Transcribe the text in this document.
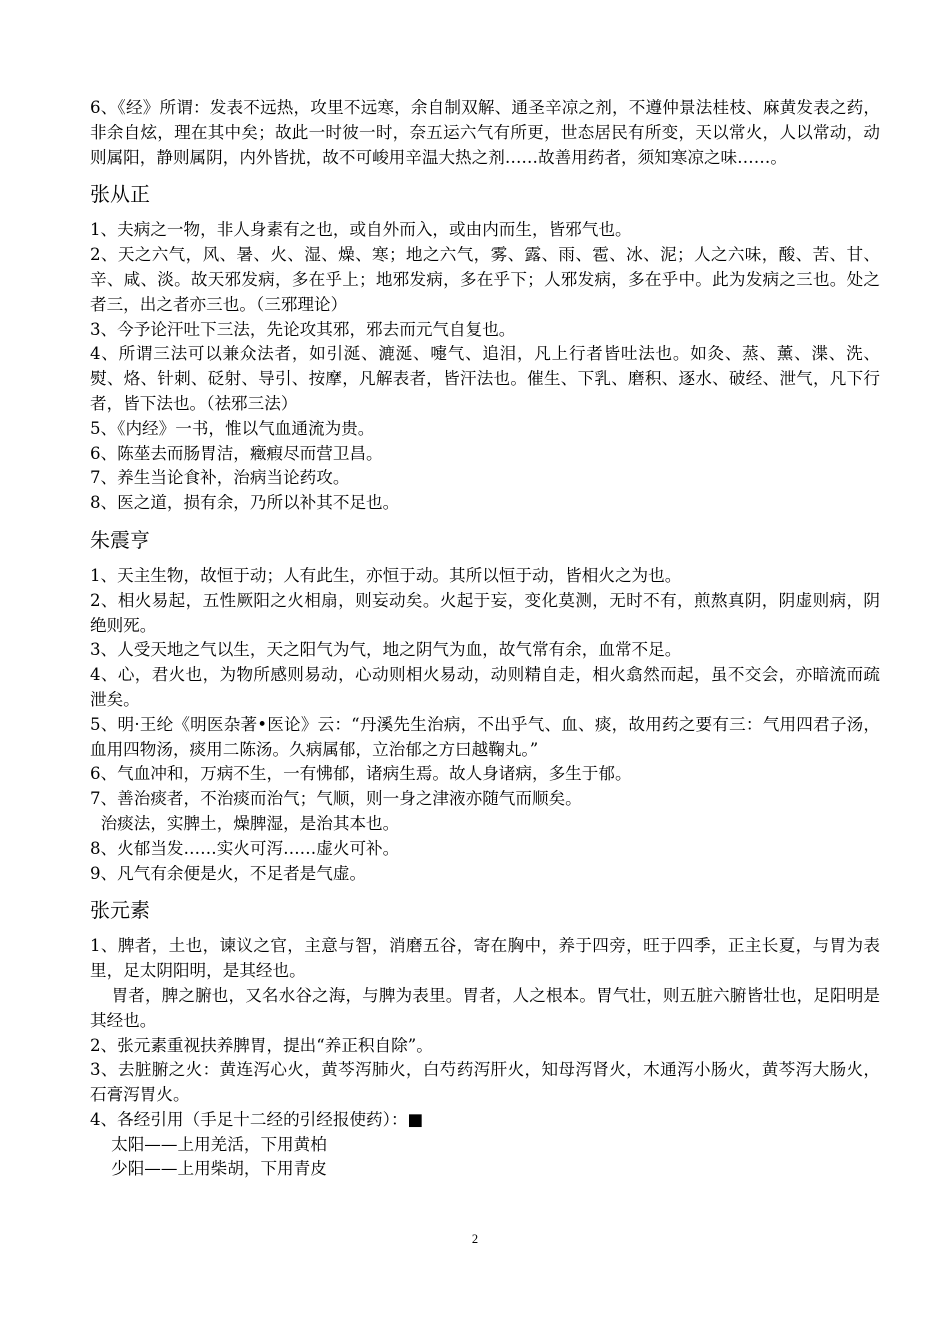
6、《经》所谓：发表不远热，攻里不远寒，余自制双解、通圣辛凉之剂，不遵仲景法桂枝、麻黄发表之药，非余自炫，理在其中矣；故此一时彼一时，奈五运六气有所更，世态居民有所变，天以常火，人以常动，动则属阳，静则属阴，内外皆扰，故不可峻用辛温大热之剂……故善用药者，须知寒凉之味……。

张从正

1、夫病之一物，非人身素有之也，或自外而入，或由内而生，皆邪气也。

2、天之六气，风、暑、火、湿、燥、寒；地之六气，雾、露、雨、雹、冰、泥；人之六味，酸、苦、甘、辛、咸、淡。故天邪发病，多在乎上；地邪发病，多在乎下；人邪发病，多在乎中。此为发病之三也。处之者三，出之者亦三也。（三邪理论）

3、今予论汗吐下三法，先论攻其邪，邪去而元气自复也。

4、所谓三法可以兼众法者，如引涎、漉涎、嚏气、追泪，凡上行者皆吐法也。如灸、蒸、薰、渫、洗、熨、烙、针刺、砭射、导引、按摩，凡解表者，皆汗法也。催生、下乳、磨积、逐水、破经、泄气，凡下行者，皆下法也。（祛邪三法）

5、《内经》一书，惟以气血通流为贵。

6、陈莝去而肠胃洁，癥瘕尽而营卫昌。

7、养生当论食补，治病当论药攻。

8、医之道，损有余，乃所以补其不足也。

朱震亨

1、天主生物，故恒于动；人有此生，亦恒于动。其所以恒于动，皆相火之为也。

2、相火易起，五性厥阳之火相扇，则妄动矣。火起于妄，变化莫测，无时不有，煎熬真阴，阴虚则病，阴绝则死。

3、人受天地之气以生，天之阳气为气，地之阴气为血，故气常有余，血常不足。

4、心，君火也，为物所感则易动，心动则相火易动，动则精自走，相火翕然而起，虽不交会，亦暗流而疏泄矣。

5、明·王纶《明医杂著•医论》云：“丹溪先生治病，不出乎气、血、痰，故用药之要有三：气用四君子汤，血用四物汤，痰用二陈汤。久病属郁，立治郁之方曰越鞠丸。”

6、气血冲和，万病不生，一有怫郁，诸病生焉。故人身诸病，多生于郁。

7、善治痰者，不治痰而治气；气顺，则一身之津液亦随气而顺矣。

治痰法，实脾土，燥脾湿，是治其本也。

8、火郁当发……实火可泻……虚火可补。

9、凡气有余便是火，不足者是气虚。

张元素

1、脾者，土也，谏议之官，主意与智，消磨五谷，寄在胸中，养于四旁，旺于四季，正主长夏，与胃为表里，足太阴阳明，是其经也。

胃者，脾之腑也，又名水谷之海，与脾为表里。胃者，人之根本。胃气壮，则五脏六腑皆壮也，足阳明是其经也。

2、张元素重视扶养脾胃，提出“养正积自除”。

3、去脏腑之火：黄连泻心火，黄芩泻肺火，白芍药泻肝火，知母泻肾火，木通泻小肠火，黄芩泻大肠火，石膏泻胃火。

4、各经引用（手足十二经的引经报使药）：■

太阳——上用羌活，下用黄柏

少阳——上用柴胡，下用青皮

2
